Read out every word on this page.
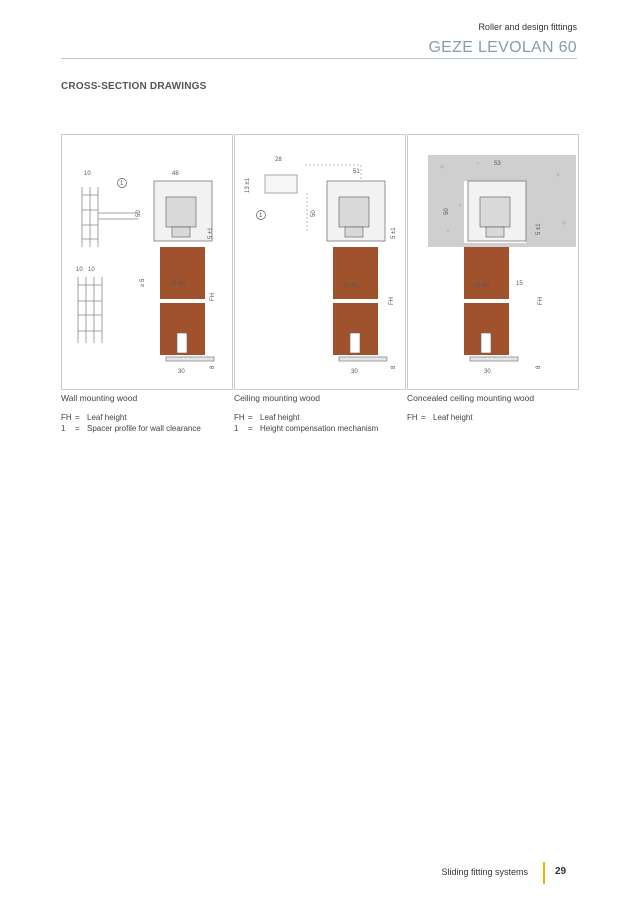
Roller and design fittings
GEZE LEVOLAN 60
CROSS-SECTION DRAWINGS
10
1
10 10
48
50
5 ±1
15-60
≥ 5
FH
30
8
28
13 ±1
1
51
50
5 ±1
15-60
FH
30
8
53
50
5 ±1
15-60	15
FH
30
8
Wall mounting wood	Ceiling mounting wood	Concealed ceiling mounting wood
FH = Leaf height
1 = Spacer profile for wall clearance
FH = Leaf height
1 = Height compensation mechanism
FH = Leaf height
Sliding fitting systems	29
